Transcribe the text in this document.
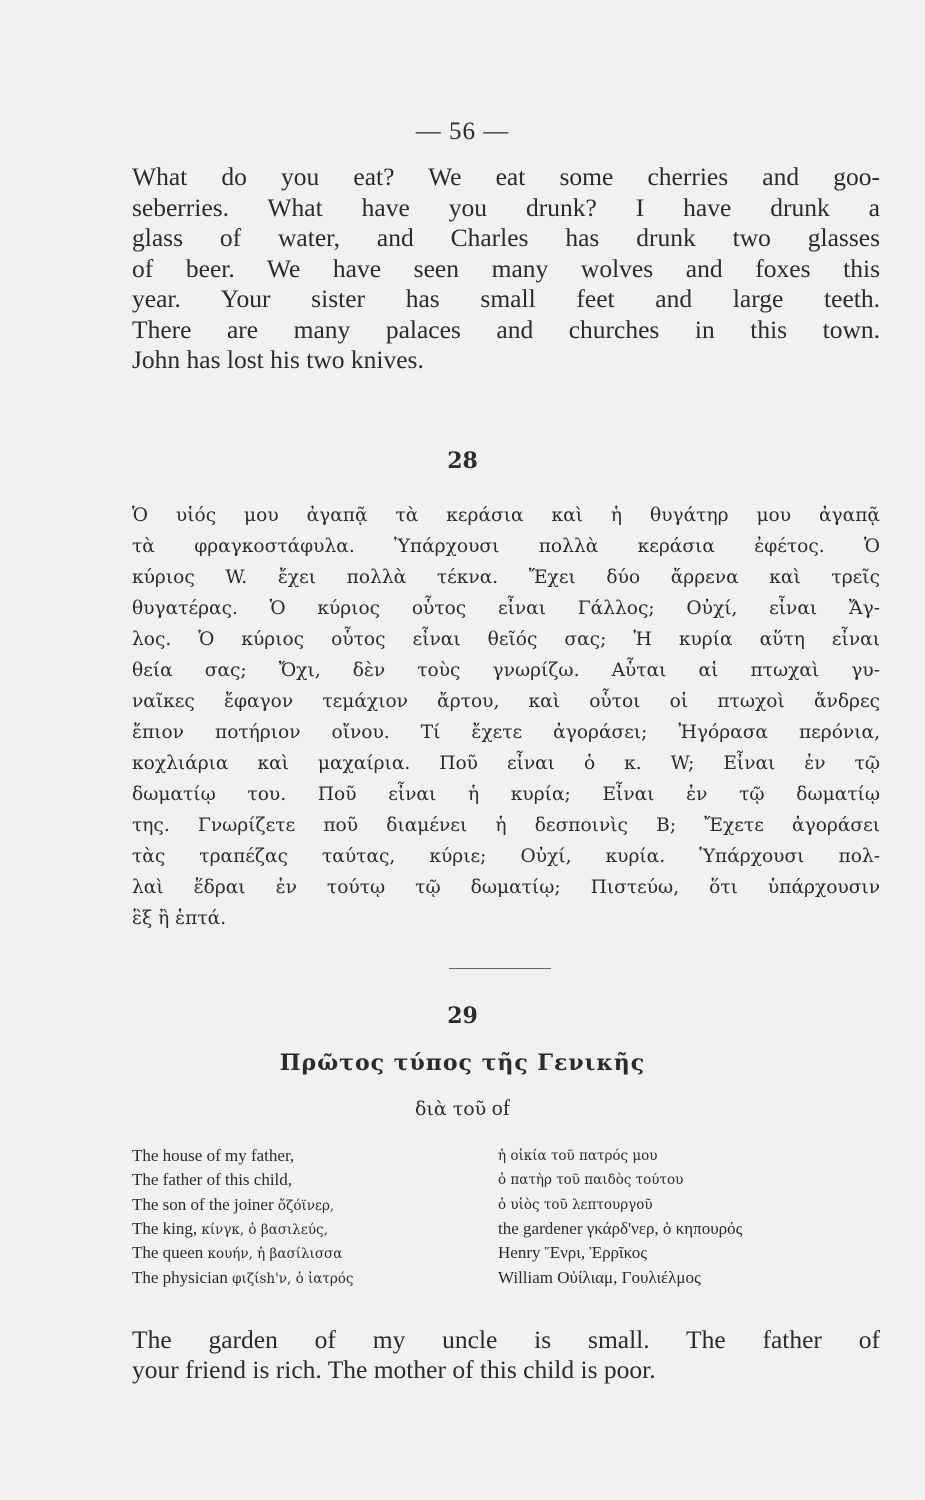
— 56 —

What do you eat? We eat some cherries and goo-
seberries. What have you drunk? I have drunk a
glass of water, and Charles has drunk two glasses
of beer. We have seen many wolves and foxes this
year. Your sister has small feet and large teeth.
There are many palaces and churches in this town.
John has lost his two knives.

28

Ὁ υἱός μου ἀγαπᾷ τὰ κεράσια καὶ ἡ θυγάτηρ μου ἀγαπᾷ
τὰ φραγκοστάφυλα. Ὑπάρχουσι πολλὰ κεράσια ἐφέτος. Ὁ
κύριος W. ἔχει πολλὰ τέκνα. Ἔχει δύο ἄρρενα καὶ τρεῖς
θυγατέρας. Ὁ κύριος οὗτος εἶναι Γάλλος; Οὐχί, εἶναι Ἄγ-
λος. Ὁ κύριος οὗτος εἶναι θεῖός σας; Ἡ κυρία αὕτη εἶναι
θεία σας; Ὄχι, δὲν τοὺς γνωρίζω. Αὗται αἱ πτωχαὶ γυ-
ναῖκες ἔφαγον τεμάχιον ἄρτου, καὶ οὗτοι οἱ πτωχοὶ ἄνδρες
ἔπιον ποτήριον οἴνου. Τί ἔχετε ἀγοράσει; Ἠγόρασα περόνια,
κοχλιάρια καὶ μαχαίρια. Ποῦ εἶναι ὁ κ. W; Εἶναι ἐν τῷ
δωματίῳ του. Ποῦ εἶναι ἡ κυρία; Εἶναι ἐν τῷ δωματίῳ
της. Γνωρίζετε ποῦ διαμένει ἡ δεσποινὶς B; Ἔχετε ἀγοράσει
τὰς τραπέζας ταύτας, κύριε; Οὐχί, κυρία. Ὑπάρχουσι πολ-
λαὶ ἕδραι ἐν τούτῳ τῷ δωματίῳ; Πιστεύω, ὅτι ὑπάρχουσιν
ἓξ ἢ ἑπτά.

29
Πρῶτος τύπος τῆς Γενικῆς
διὰ τοῦ of
The house of my father,	ἡ οἰκία τοῦ πατρός μου
The father of this child,	ὁ πατὴρ τοῦ παιδὸς τούτου
The son of the joiner ὄζόϊνερ,	ὁ υἱὸς τοῦ λεπτουργοῦ
The king, κίνγκ, ὁ βασιλεύς,	the gardener γκάρδ'νερ, ὁ κηπουρός
The queen κουήν, ἡ βασίλισσα	Henry Ἕνρι, Ἐρρῖκος
The physician φιζίsh'ν, ὁ ἰατρός	William Οὐίλιαμ, Γουλιέλμος

The garden of my uncle is small. The father of
your friend is rich. The mother of this child is poor.
